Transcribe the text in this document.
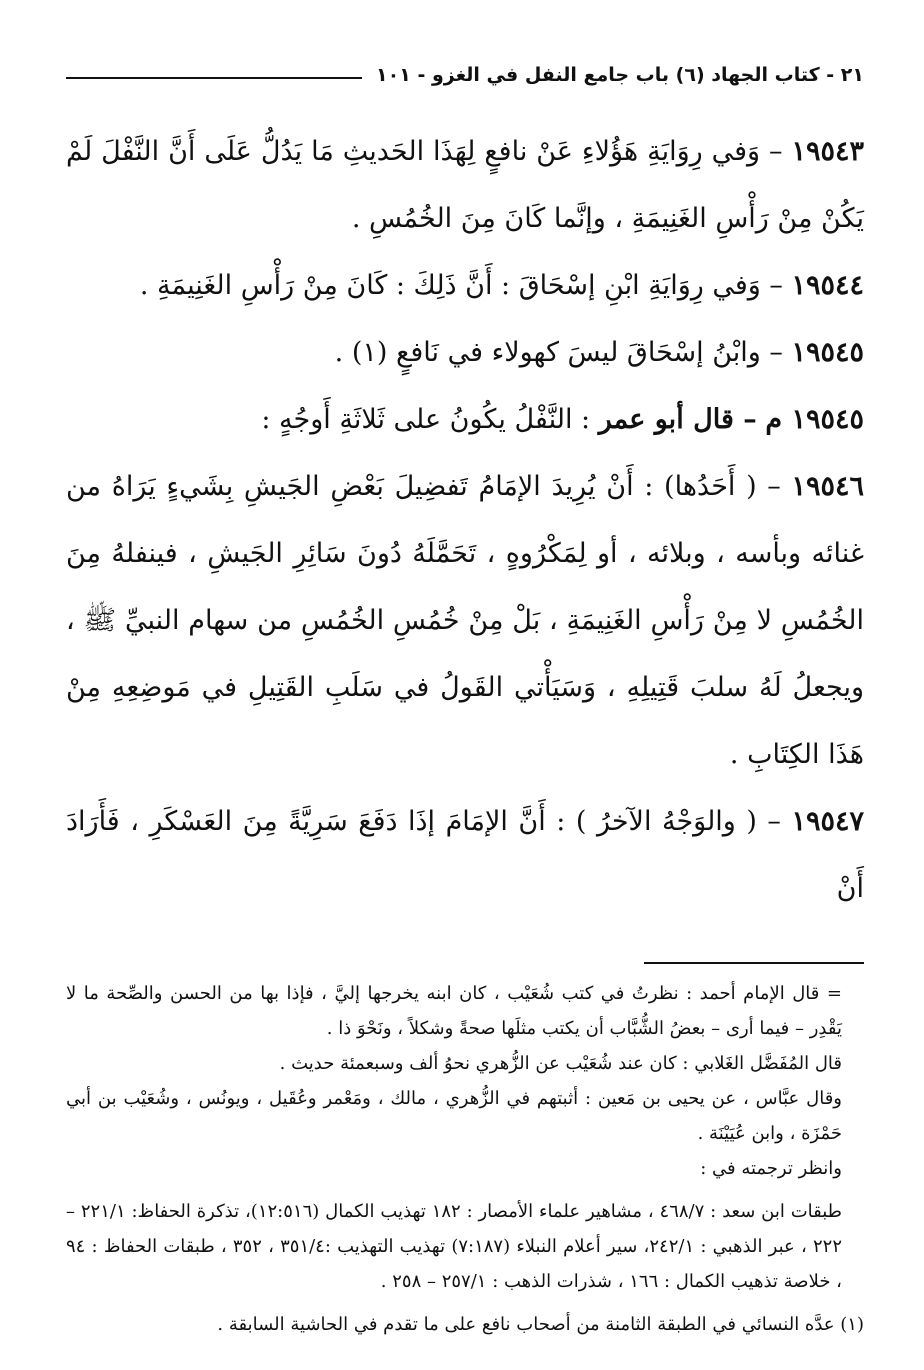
٢١ - كتاب الجهاد (٦) باب جامع النفل في الغزو - ١٠١

١٩٥٤٣ – وَفي رِوَايَةِ هَؤُلاءِ عَنْ نافعٍ لِهَذَا الحَديثِ مَا يَدُلُّ عَلَى أَنَّ النَّفْلَ لَمْ يَكُنْ مِنْ رَأْسِ الغَنِيمَةِ ، وإنَّما كَانَ مِنَ الخُمُسِ .

١٩٥٤٤ – وَفي رِوَايَةِ ابْنِ إسْحَاقَ : أَنَّ ذَلِكَ : كَانَ مِنْ رَأْسِ الغَنِيمَةِ .

١٩٥٤٥ – وابْنُ إسْحَاقَ ليسَ كهولاء في نَافعٍ (١) .

١٩٥٤٥ م – قال أبو عمر : النَّفْلُ يكُونُ على ثَلاثَةِ أَوجُهٍ :

١٩٥٤٦ – ( أَحَدُها) : أَنْ يُرِيدَ الإمَامُ تَفضِيلَ بَعْضِ الجَيشِ بِشَيءٍ يَرَاهُ من غنائه وبأسه ، وبلائه ، أو لِمَكْرُوهٍ ، تَحَمَّلَهُ دُونَ سَائِرِ الجَيشِ ، فينفلهُ مِنَ الخُمُسِ لا مِنْ رَأْسِ الغَنِيمَةِ ، بَلْ مِنْ خُمُسِ الخُمُسِ من سهام النبيِّ ﷺ ، ويجعلُ لَهُ سلبَ قَتِيلِهِ ، وَسَيَأْتي القَولُ في سَلَبِ القَتِيلِ في مَوضِعِهِ مِنْ هَذَا الكِتَابِ .

١٩٥٤٧ – ( والوَجْهُ الآخرُ ) : أَنَّ الإمَامَ إذَا دَفَعَ سَرِيَّةً مِنَ العَسْكَرِ ، فَأَرَادَ أَنْ

= قال الإمام أحمد : نظرتُ في كتب شُعَيْب ، كان ابنه يخرجها إليَّ ، فإذا بها من الحسن والصِّحة ما لا يَقْدِر – فيما أرى – بعضُ الشُّبَّاب أن يكتب مثلَها صحةً وشكلاً ، ونَحْوَ ذا .

قال المُفَضَّل الغَلابي : كان عند شُعَيْب عن الزُّهري نحوُ ألف وسبعمئة حديث .

وقال عبَّاس ، عن يحيى بن مَعين : أثبتهم في الزُّهري ، مالك ، ومَعْمر وعُقَيل ، ويونُس ، وشُعَيْب بن أبي حَمْزَة ، وابن عُيَيْنَة .

وانظر ترجمته في :

طبقات ابن سعد : ٤٦٨/٧ ، مشاهير علماء الأمصار : ١٨٢ تهذيب الكمال (١٢:٥١٦)، تذكرة الحفاظ: ٢٢١/١ – ٢٢٢ ، عبر الذهبي : ٢٤٢/١، سير أعلام النبلاء (٧:١٨٧) تهذيب التهذيب :٣٥١/٤ ، ٣٥٢ ، طبقات الحفاظ : ٩٤ ، خلاصة تذهيب الكمال : ١٦٦ ، شذرات الذهب : ٢٥٧/١ – ٢٥٨ .

(١) عدَّه النسائي في الطبقة الثامنة من أصحاب نافع على ما تقدم في الحاشية السابقة .
